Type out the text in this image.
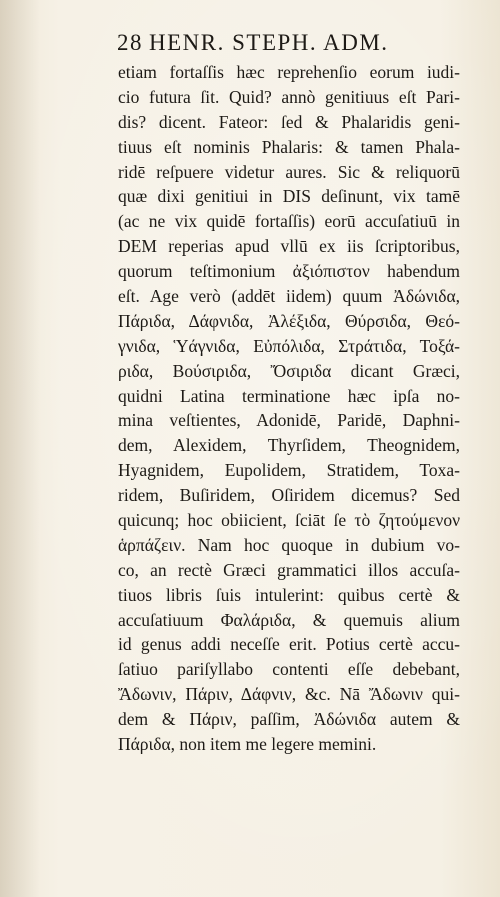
28 HENR. STEPH. ADM.
etiam fortaſſis hæc reprehenſio eorum iudi-
cio futura ſit. Quid? annò genitiuus eſt Pari-
dis? dicent. Fateor: ſed & Phalaridis geni-
tiuus eſt nominis Phalaris: & tamen Phala-
ridē reſpuere videtur aures. Sic & reliquorū
quæ dixi genitiui in DIS deſinunt, vix tamē
(ac ne vix quidē fortaſſis) eorū accuſatiuū in
DEM reperias apud vllū ex iis ſcriptoribus,
quorum teſtimonium ἀξιόπιστον habendum
eſt. Age verò (addēt iidem) quum Ἀδώνιδα,
Πάριδα, Δάφνιδα, Ἀλέξιδα, Θύρσιδα, Θεό-
γνιδα, Ὑάγνιδα, Εὐπόλιδα, Στράτιδα, Τοξά-
ριδα, Βούσιριδα, Ὄσιριδα dicant Græci,
quidni Latina terminatione hæc ipſa no-
mina veſtientes, Adonidē, Paridē, Daphni-
dem, Alexidem, Thyrſidem, Theognidem,
Hyagnidem, Eupolidem, Stratidem, Toxa-
ridem, Buſiridem, Oſiridem dicemus? Sed
quicunq; hoc obiicient, ſciāt ſe τὸ ζητούμενον
ἁρπάζειν. Nam hoc quoque in dubium vo-
co, an rectè Græci grammatici illos accuſa-
tiuos libris ſuis intulerint: quibus certè &
accuſatiuum Φαλάριδα, & quemuis alium
id genus addi neceſſe erit. Potius certè accu-
ſatiuo pariſyllabo contenti eſſe debebant,
Ἄδωνιν, Πάριν, Δάφνιν, &c. Nā Ἄδωνιν qui-
dem & Πάριν, paſſim, Ἀδώνιδα autem &
Πάριδα, non item me legere memini.
